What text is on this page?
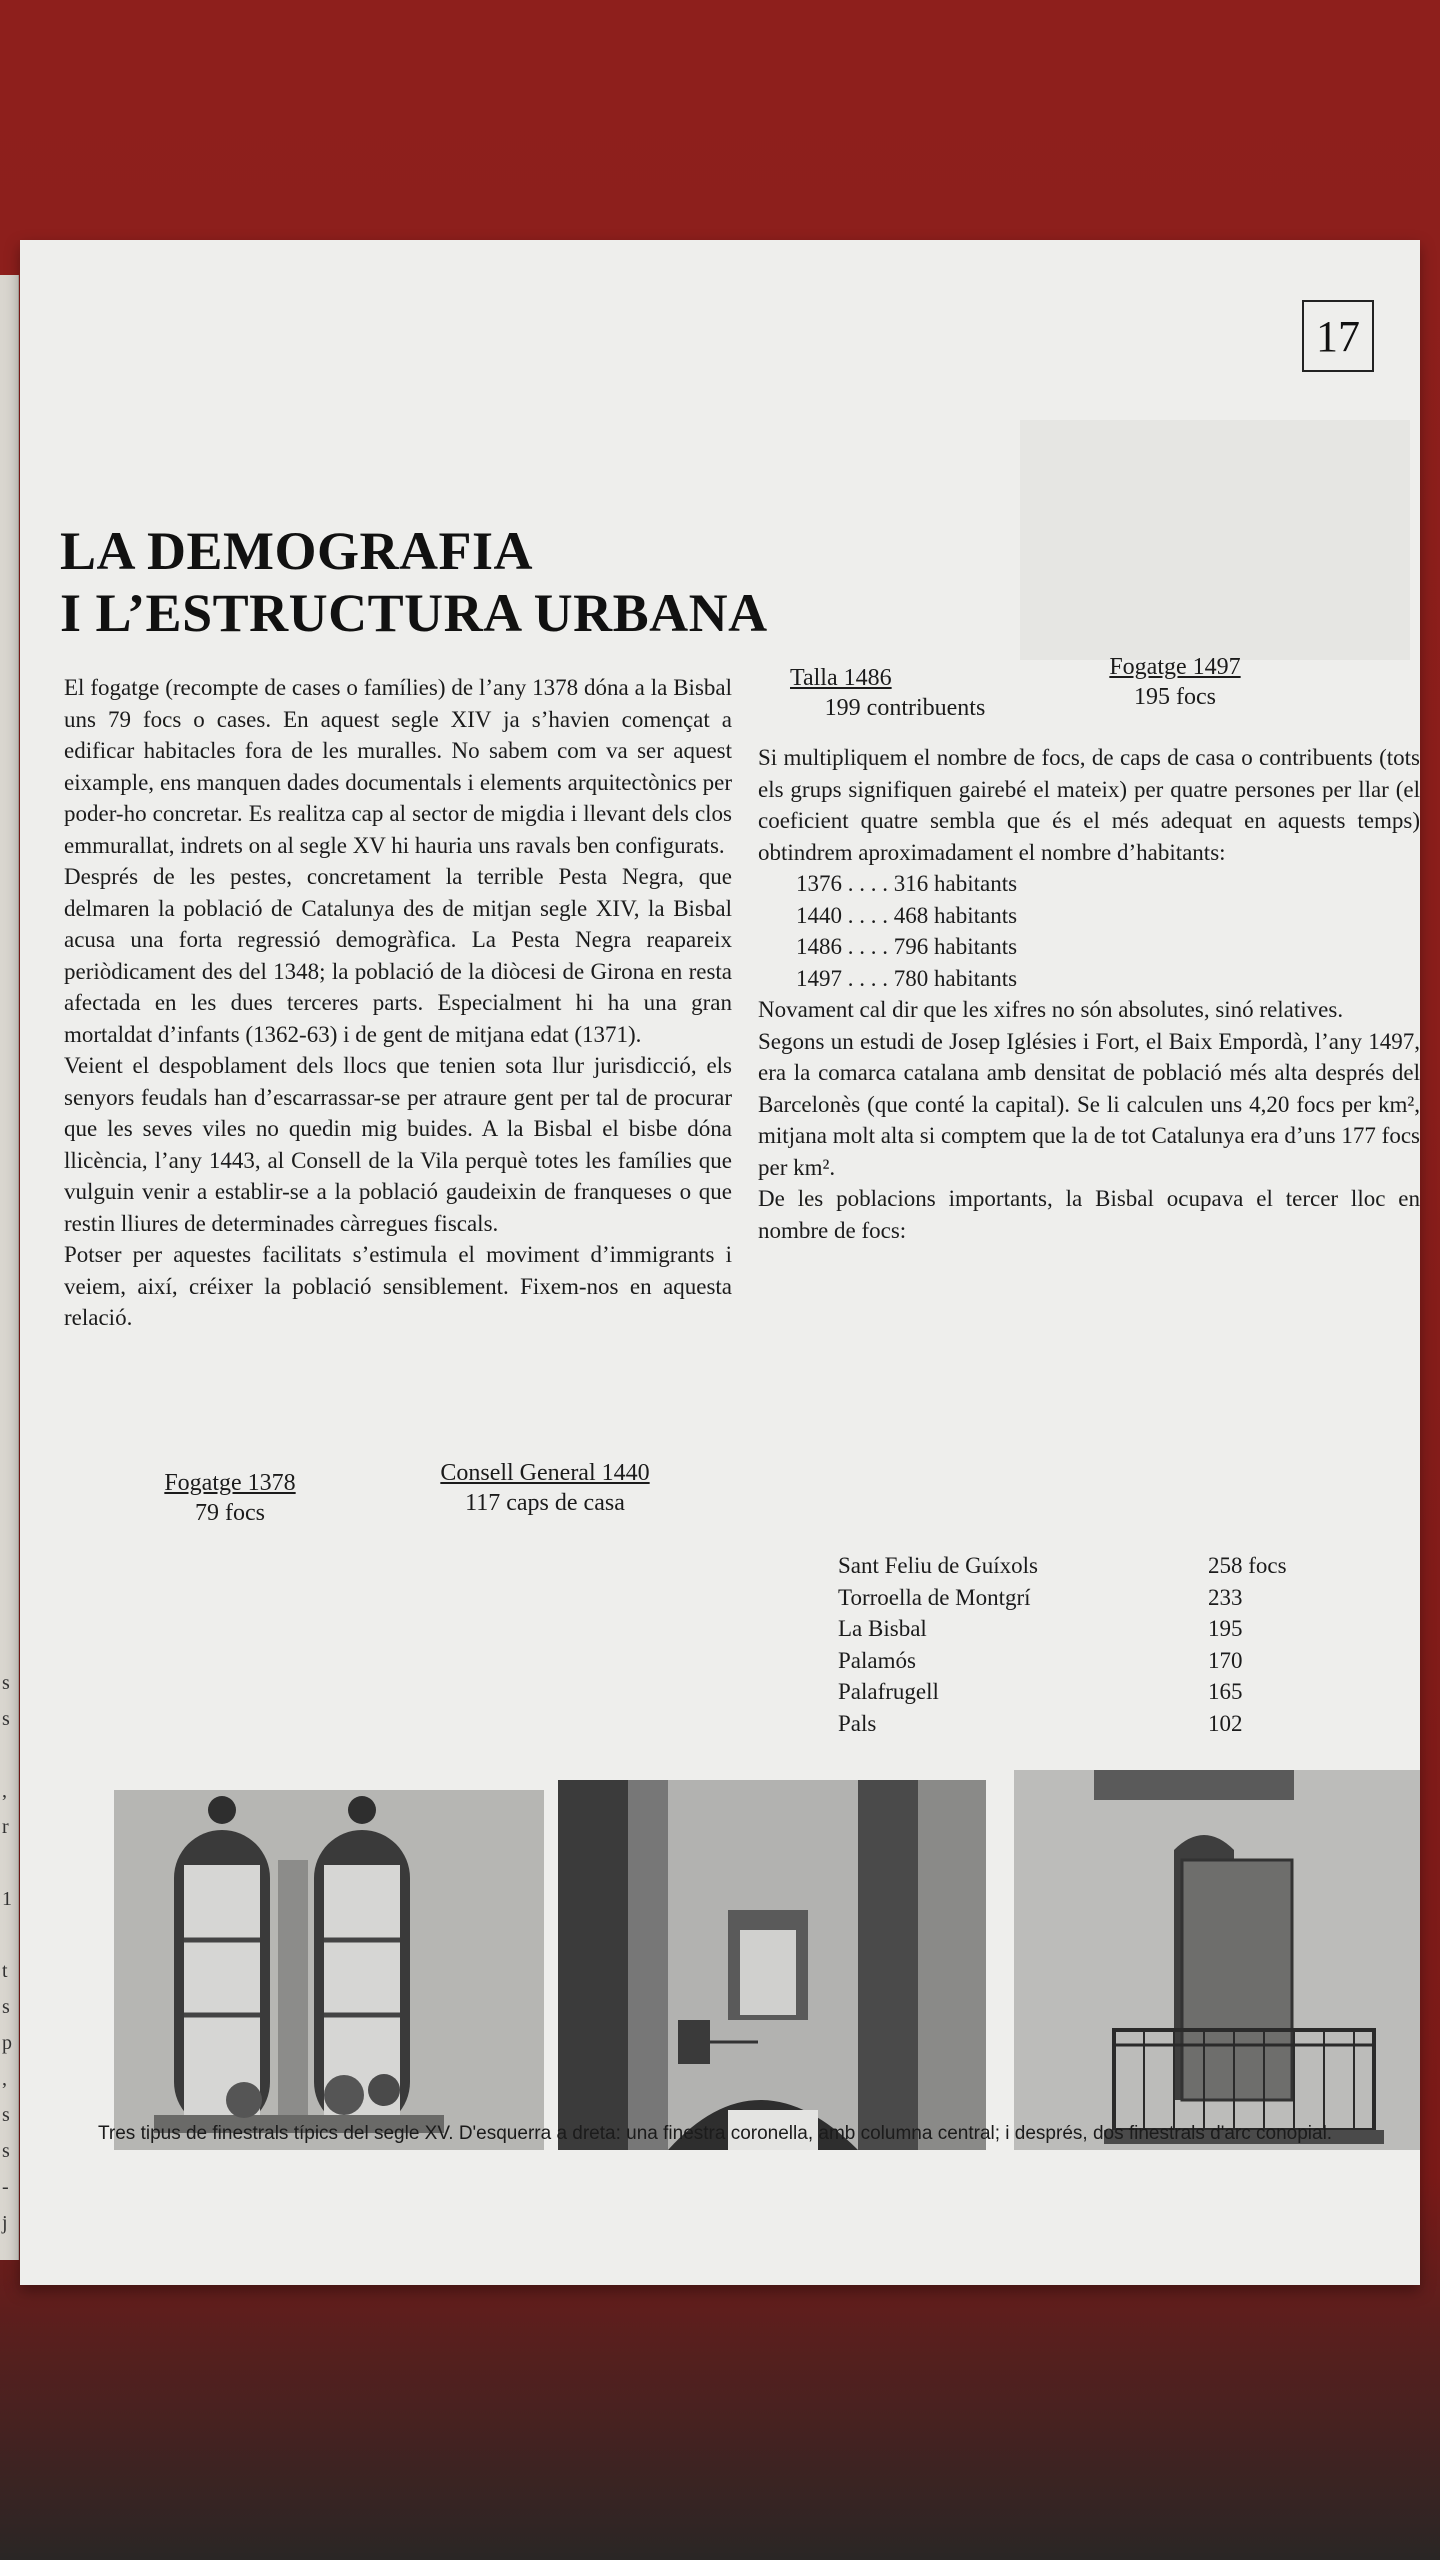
s
s

,
r

1

t
s
p
,
s
s
-
j
17
LA DEMOGRAFIA
I L’ESTRUCTURA URBANA

El fogatge (recompte de cases o famílies) de l’any 1378 dóna a la Bisbal uns 79 focs o cases. En aquest segle XIV ja s’havien començat a edificar habitacles fora de les muralles. No sabem com va ser aquest eixample, ens manquen dades documentals i elements arquitectònics per poder-ho concretar. Es realitza cap al sector de migdia i llevant dels clos emmurallat, indrets on al segle XV hi hauria uns ravals ben configurats.

Després de les pestes, concretament la terrible Pesta Negra, que delmaren la població de Catalunya des de mitjan segle XIV, la Bisbal acusa una forta regressió demogràfica. La Pesta Negra reapareix periòdicament des del 1348; la població de la diòcesi de Girona en resta afectada en les dues terceres parts. Especialment hi ha una gran mortaldat d’infants (1362-63) i de gent de mitjana edat (1371).

Veient el despoblament dels llocs que tenien sota llur jurisdicció, els senyors feudals han d’escarrassar-se per atraure gent per tal de procurar que les seves viles no quedin mig buides. A la Bisbal el bisbe dóna llicència, l’any 1443, al Consell de la Vila perquè totes les famílies que vulguin venir a establir-se a la població gaudeixin de franqueses o que restin lliures de determinades càrregues fiscals.

Potser per aquestes facilitats s’estimula el moviment d’immigrants i veiem, així, créixer la població sensiblement. Fixem-nos en aquesta relació.

Fogatge 1378
79 focs
Consell General 1440
117 caps de casa
Talla 1486
199 contribuents
Fogatge 1497
195 focs

Si multipliquem el nombre de focs, de caps de casa o contribuents (tots els grups signifiquen gairebé el mateix) per quatre persones per llar (el coeficient quatre sembla que és el més adequat en aquests temps) obtindrem aproximadament el nombre d’habitants:

1376 . . . . 316 habitants
1440 . . . . 468 habitants
1486 . . . . 796 habitants
1497 . . . . 780 habitants

Novament cal dir que les xifres no són absolutes, sinó relatives.

Segons un estudi de Josep Iglésies i Fort, el Baix Empordà, l’any 1497, era la comarca catalana amb densitat de població més alta després del Barcelonès (que conté la capital). Se li calculen uns 4,20 focs per km², mitjana molt alta si comptem que la de tot Catalunya era d’uns 177 focs per km².

De les poblacions importants, la Bisbal ocupava el tercer lloc en nombre de focs:

Sant Feliu de Guíxols	258 focs
Torroella de Montgrí	233
La Bisbal	195
Palamós	170
Palafrugell	165
Pals	102
Tres tipus de finestrals típics del segle XV. D'esquerra a dreta: una finestra coronella, amb columna central; i després, dos finestrals d'arc conopial.
